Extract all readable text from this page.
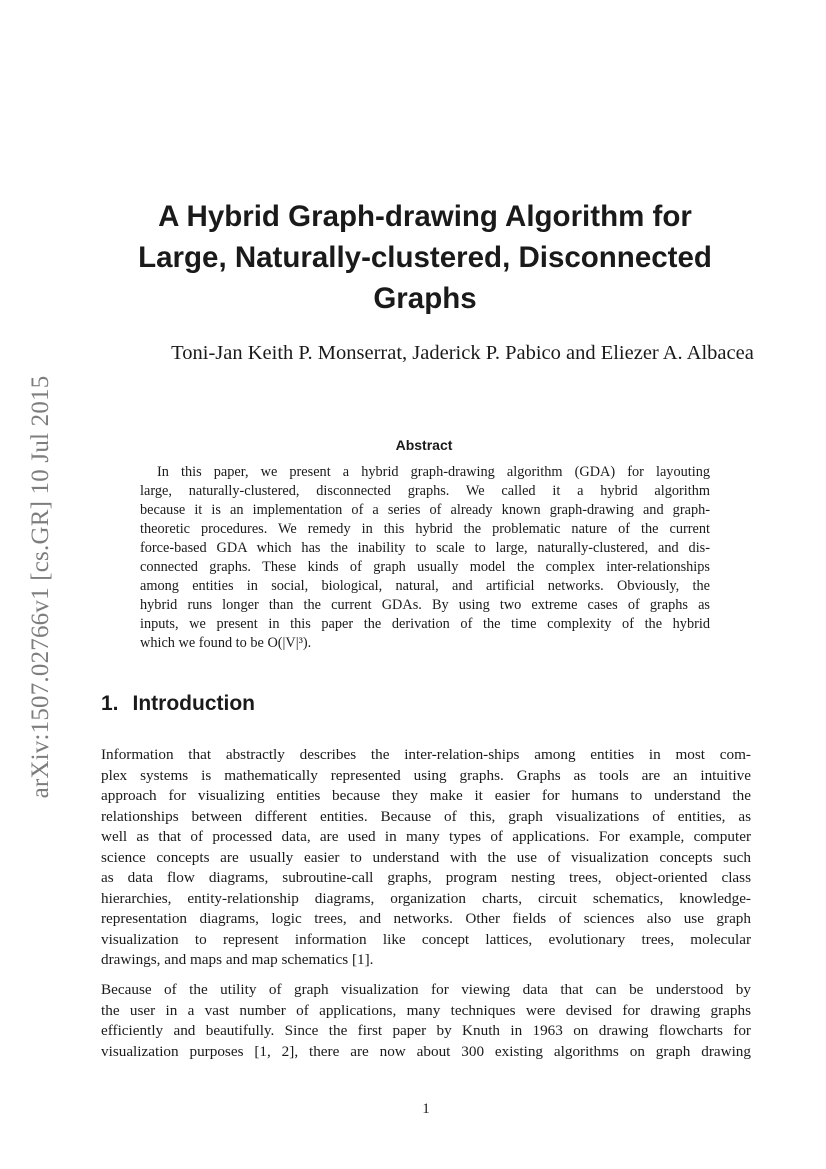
arXiv:1507.02766v1 [cs.GR] 10 Jul 2015
A Hybrid Graph-drawing Algorithm for
Large, Naturally-clustered, Disconnected
Graphs
Toni-Jan Keith P. Monserrat, Jaderick P. Pabico and Eliezer A. Albacea
Abstract
In this paper, we present a hybrid graph-drawing algorithm (GDA) for layouting
large, naturally-clustered, disconnected graphs. We called it a hybrid algorithm
because it is an implementation of a series of already known graph-drawing and graph-
theoretic procedures. We remedy in this hybrid the problematic nature of the current
force-based GDA which has the inability to scale to large, naturally-clustered, and dis-
connected graphs. These kinds of graph usually model the complex inter-relationships
among entities in social, biological, natural, and artificial networks. Obviously, the
hybrid runs longer than the current GDAs. By using two extreme cases of graphs as
inputs, we present in this paper the derivation of the time complexity of the hybrid
which we found to be O(|V|³).
1. Introduction
Information that abstractly describes the inter-relation-ships among entities in most com-
plex systems is mathematically represented using graphs. Graphs as tools are an intuitive
approach for visualizing entities because they make it easier for humans to understand the
relationships between different entities. Because of this, graph visualizations of entities, as
well as that of processed data, are used in many types of applications. For example, computer
science concepts are usually easier to understand with the use of visualization concepts such
as data flow diagrams, subroutine-call graphs, program nesting trees, object-oriented class
hierarchies, entity-relationship diagrams, organization charts, circuit schematics, knowledge-
representation diagrams, logic trees, and networks. Other fields of sciences also use graph
visualization to represent information like concept lattices, evolutionary trees, molecular
drawings, and maps and map schematics [1].
Because of the utility of graph visualization for viewing data that can be understood by
the user in a vast number of applications, many techniques were devised for drawing graphs
efficiently and beautifully. Since the first paper by Knuth in 1963 on drawing flowcharts for
visualization purposes [1, 2], there are now about 300 existing algorithms on graph drawing
1
